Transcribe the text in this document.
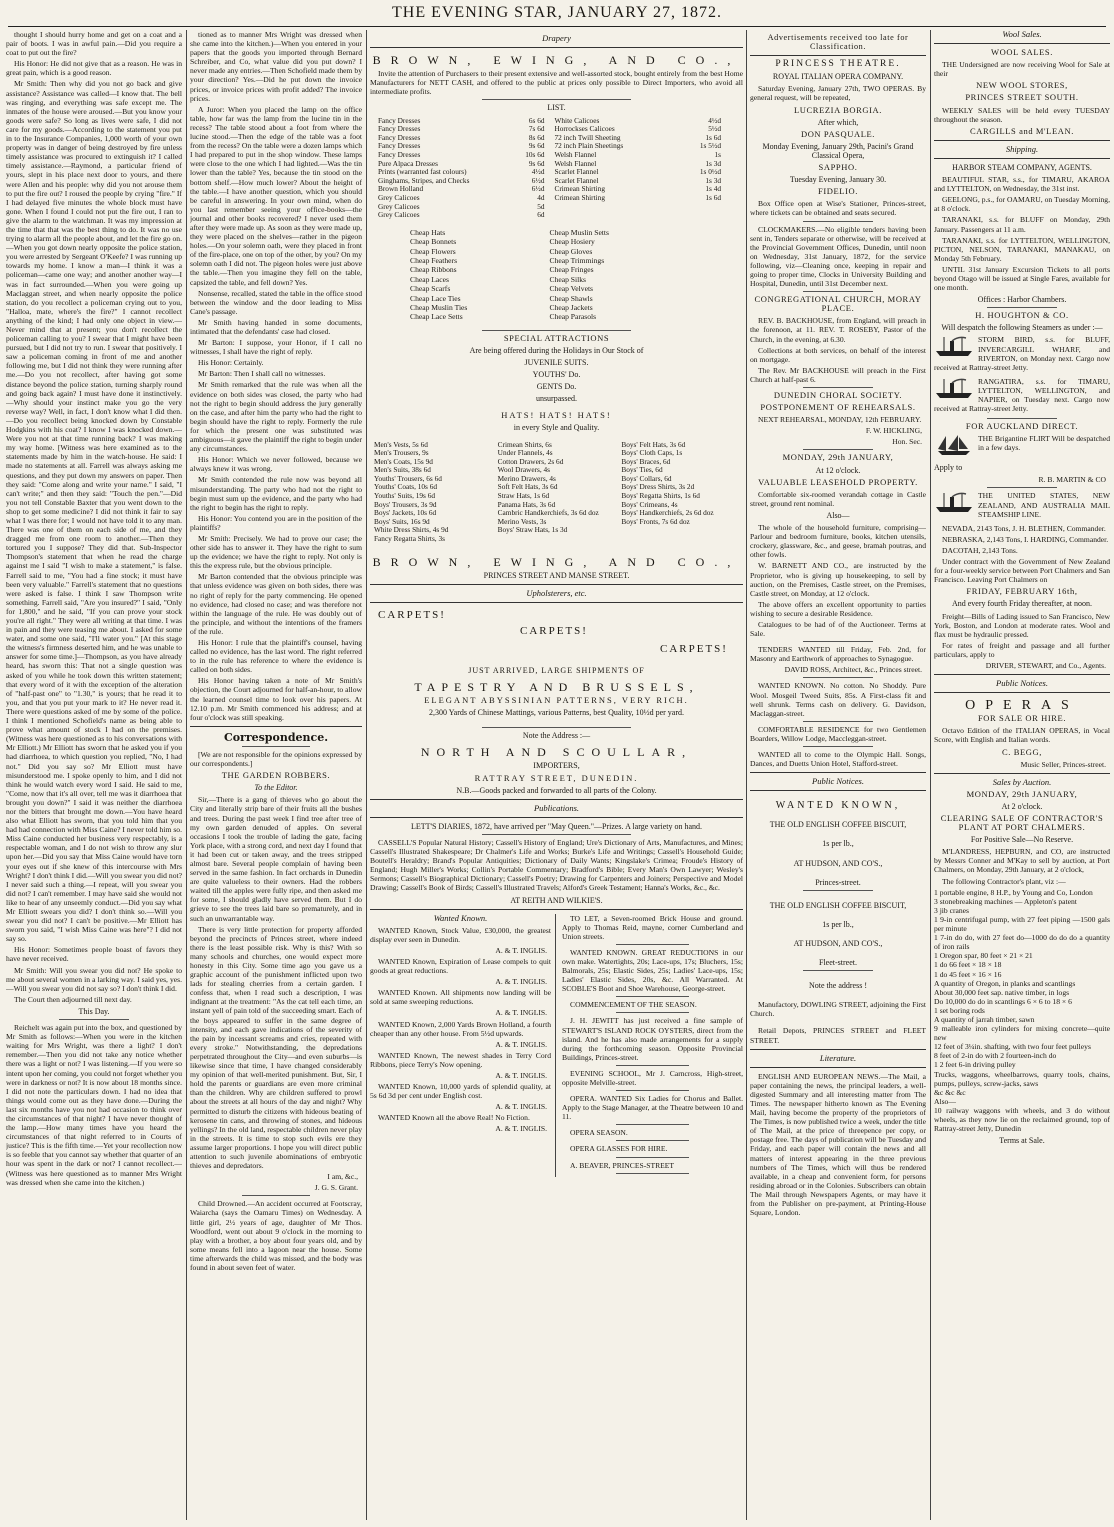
THE EVENING STAR, JANUARY 27, 1872.

thought I should hurry home and get on a coat and a pair of boots. I was in awful pain.—Did you require a coat to put out the fire?

His Honor: He did not give that as a reason. He was in great pain, which is a good reason.

Mr Smith: Then why did you not go back and give assistance? Assistance was called—I know that. The bell was ringing, and everything was safe except me. The inmates of the house were aroused.—But you know your goods were safe? So long as lives were safe, I did not care for my goods.—According to the statement you put in to the Insurance Companies, 1,000 worth of your own property was in danger of being destroyed by fire unless timely assistance was procured to extinguish it? I called timely assistance.—Raymond, a particular friend of yours, slept in his place next door to yours, and there were Allen and his people: why did you not arouse them to put the fire out? I roused the people by crying "fire." If I had delayed five minutes the whole block must have gone. When I found I could not put the fire out, I ran to give the alarm to the watchman. It was my impression at the time that that was the best thing to do. It was no use trying to alarm all the people about, and let the fire go on.—When you got down nearly opposite the police station, you were arrested by Sergeant O'Keefe? I was running up towards my home. I know a man—I think it was a policeman—came one way; and another another way—I was in fact surrounded.—When you were going up Maclaggan street, and when nearly opposite the police station, do you recollect a policeman crying out to you, "Halloa, mate, where's the fire?" I cannot recollect anything of the kind; I had only one object in view.—Never mind that at present; you don't recollect the policeman calling to you? I swear that I might have been pursued, but I did not try to run. I swear that positively. I saw a policeman coming in front of me and another following me, but I did not think they were running after me.—Do you not recollect, after having got some distance beyond the police station, turning sharply round and going back again? I must have done it instinctively.—Why should your instinct make you go the very reverse way? Well, in fact, I don't know what I did then.—Do you recollect being knocked down by Constable Hodgkins with his coat? I know I was knocked down.—Were you not at that time running back? I was making my way home. [Witness was here examined as to the statements made by him in the watch-house. He said: I made no statements at all. Farrell was always asking me questions, and they put down my answers on paper. Then they said: "Come along and write your name." I said, "I can't write;" and then they said: "Touch the pen."—Did you not tell Constable Baxter that you went down to the shop to get some medicine? I did not think it fair to say what I was there for; I would not have told it to any man. There was one of them on each side of me, and they dragged me from one room to another.—Then they tortured you I suppose? They did that. Sub-Inspector Thompson's statement that when he read the charge against me I said "I wish to make a statement," is false. Farrell said to me, "You had a fine stock; it must have been very valuable." Farrell's statement that no questions were asked is false. I think I saw Thompson write something. Farrell said, "Are you insured?" I said, "Only for 1,800," and he said, "If you can prove your stock you're all right." They were all writing at that time. I was in pain and they were teasing me about. I asked for some water, and some one said, "I'll water you." [At this stage the witness's firmness deserted him, and he was unable to answer for some time.]—Thompson, as you have already heard, has sworn this: That not a single question was asked of you while he took down this written statement; that every word of it with the exception of the alteration of "half-past one" to "1.30," is yours; that he read it to you, and that you put your mark to it? He never read it. There were questions asked of me by some of the police. I think I mentioned Schofield's name as being able to prove what amount of stock I had on the premises. (Witness was here questioned as to his conversations with Mr Elliott.) Mr Elliott has sworn that he asked you if you had diarrhoea, to which question you replied, "No, I had not." Did you say so? Mr Elliott must have misunderstood me. I spoke openly to him, and I did not think he would watch every word I said. He said to me, "Come, now that it's all over, tell me was it diarrhoea that brought you down?" I said it was neither the diarrhoea nor the bitters that brought me down.—You have heard also what Elliott has sworn, that you told him that you had had connection with Miss Caine? I never told him so. Miss Caine conducted her business very respectably, is a respectable woman, and I do not wish to throw any slur upon her.—Did you say that Miss Caine would have torn your eyes out if she knew of this intercourse with Mrs Wright? I don't think I did.—Will you swear you did not? I never said such a thing.—I repeat, will you swear you did not? I can't remember. I may have said she would not like to hear of any unseemly conduct.—Did you say what Mr Elliott swears you did? I don't think so.—Will you swear you did not? I can't be positive.—Mr Elliott has sworn you said, "I wish Miss Caine was here"? I did not say so.

His Honor: Sometimes people boast of favors they have never received.

Mr Smith: Will you swear you did not? He spoke to me about several women in a larking way. I said yes, yes.—Will you swear you did not say so? I don't think I did.

The Court then adjourned till next day.

This Day.

Reichelt was again put into the box, and questioned by Mr Smith as follows:—When you were in the kitchen waiting for Mrs Wright, was there a light? I don't remember.—Then you did not take any notice whether there was a light or not? I was listening.—If you were so intent upon her coming, you could not forget whether you were in darkness or not? It is now about 18 months since. I did not note the particulars down. I had no idea that things would come out as they have done.—During the last six months have you not had occasion to think over the circumstances of that night? I have never thought of the lamp.—How many times have you heard the circumstances of that night referred to in Courts of justice? This is the fifth time.—Yet your recollection now is so feeble that you cannot say whether that quarter of an hour was spent in the dark or not? I cannot recollect.—(Witness was here questioned as to manner Mrs Wright was dressed when she came into the kitchen.)

tioned as to manner Mrs Wright was dressed when she came into the kitchen.)—When you entered in your papers that the goods you imported through Bernard Schreiber, and Co, what value did you put down? I never made any entries.—Then Schofield made them by your direction? Yes.—Did he put down the invoice prices, or invoice prices with profit added? The invoice prices.

A Juror: When you placed the lamp on the office table, how far was the lamp from the lucine tin in the recess? The table stood about a foot from where the lucine stood.—Then the edge of the table was a foot from the recess? On the table were a dozen lamps which I had prepared to put in the shop window. These lamps were close to the one which I had lighted.—Was the tin lower than the table? Yes, because the tin stood on the bottom shelf.—How much lower? About the height of the table.—I have another question, which you should be careful in answering. In your own mind, when do you last remember seeing your office-books—the journal and other books recovered? I never used them after they were made up. As soon as they were made up, they were placed on the shelves—rather in the pigeon holes.—On your solemn oath, were they placed in front of the fire-place, one on top of the other, by you? On my solemn oath I did not. The pigeon holes were just above the table.—Then you imagine they fell on the table, capsized the table, and fell down? Yes.

Nonsense, recalled, stated the table in the office stood between the window and the door leading to Miss Cane's passage.

Mr Smith having handed in some documents, intimated that the defendants' case had closed.

Mr Barton: I suppose, your Honor, if I call no witnesses, I shall have the right of reply.

His Honor: Certainly.

Mr Barton: Then I shall call no witnesses.

Mr Smith remarked that the rule was when all the evidence on both sides was closed, the party who had not the right to begin should address the jury generally on the case, and after him the party who had the right to begin should have the right to reply. Formerly the rule for which the present one was substituted was ambiguous—it gave the plaintiff the right to begin under any circumstances.

His Honor: Which we never followed, because we always knew it was wrong.

Mr Smith contended the rule now was beyond all misunderstanding. The party who had not the right to begin must sum up the evidence, and the party who had the right to begin has the right to reply.

His Honor: You contend you are in the position of the plaintiffs?

Mr Smith: Precisely. We had to prove our case; the other side has to answer it. They have the right to sum up the evidence; we have the right to reply. Not only is this the express rule, but the obvious principle.

Mr Barton contended that the obvious principle was that unless evidence was given on both sides, there was no right of reply for the party commencing. He opened no evidence, had closed no case; and was therefore not within the language of the rule. He was doubly out of the principle, and without the intentions of the framers of the rule.

His Honor: I rule that the plaintiff's counsel, having called no evidence, has the last word. The right referred to in the rule has reference to where the evidence is called on both sides.

His Honor having taken a note of Mr Smith's objection, the Court adjourned for half-an-hour, to allow the learned counsel time to look over his papers. At 12.10 p.m. Mr Smith commenced his address; and at four o'clock was still speaking.

Correspondence.

[We are not responsible for the opinions expressed by our correspondents.]

THE GARDEN ROBBERS.
To the Editor.

Sir,—There is a gang of thieves who go about the City and literally strip bare of their fruits all the bushes and trees. During the past week I find tree after tree of my own garden denuded of apples. On several occasions I took the trouble of lading the gate, facing York place, with a strong cord, and next day I found that it had been cut or taken away, and the trees stripped almost bare. Several people complain of having been served in the same fashion. In fact orchards in Dunedin are quite valueless to their owners. Had the robbers waited till the apples were fully ripe, and then asked me for some, I should gladly have served them. But I do grieve to see the trees laid bare so prematurely, and in such an unwarrantable way.

There is very little protection for property afforded beyond the precincts of Princes street, where indeed there is the least possible risk. Why is this? With so many schools and churches, one would expect more honesty in this City. Some time ago you gave us a graphic account of the punishment inflicted upon two lads for stealing cherries from a certain garden. I confess that, when I read such a description, I was indignant at the treatment: "As the cat tell each time, an instant yell of pain told of the succeeding smart. Each of the boys appeared to suffer in the same degree of intensity, and each gave indications of the severity of the pain by incessant screams and cries, repeated with every stroke." Notwithstanding, the depredations perpetrated throughout the City—and even suburbs—is likewise since that time, I have changed considerably my opinion of that well-merited punishment. But, Sir, I hold the parents or guardians are even more criminal than the children. Why are children suffered to prowl about the streets at all hours of the day and night? Why permitted to disturb the citizens with hideous beating of kerosene tin cans, and throwing of stones, and hideous yellings? In the old land, respectable children never play in the streets. It is time to stop such evils ere they assume larger proportions. I hope you will direct public attention to such juvenile abominations of embryotic thieves and depredators.

I am, &c.,
J. G. S. Grant.

Child Drowned.—An accident occurred at Footscray, Waiarcha (says the Oamaru Times) on Wednesday. A little girl, 2½ years of age, daughter of Mr Thos. Woodford, went out about 9 o'clock in the morning to play with a brother, a boy about four years old, and by some means fell into a lagoon near the house. Some time afterwards the child was missed, and the body was found in about seven feet of water.

Drapery
BROWN, EWING, AND CO.,

Invite the attention of Purchasers to their present extensive and well-assorted stock, bought entirely from the best Home Manufacturers for NETT CASH, and offered to the public at prices only possible to Direct Importers, who avoid all intermediate profits.

LIST.
Fancy Dresses	6s 6d
Fancy Dresses	7s 6d
Fancy Dresses	8s 6d
Fancy Dresses	9s 6d
Fancy Dresses	10s 6d
Pure Alpaca Dresses	9s 6d
Prints (warranted fast colours)	4½d
Ginghams, Stripes, and Checks	6½d
Brown Holland	6½d
Grey Calicoes	4d
Grey Calicoes	5d
Grey Calicoes	6d
White Calicoes	4½d
Horrockses Calicoes	5½d
72 inch Twill Sheeting	1s 6d
72 inch Plain Sheetings	1s 5½d
Welsh Flannel	1s
Welsh Flannel	1s 3d
Scarlet Flannel	1s 0½d
Scarlet Flannel	1s 3d

Crimean Shirting	1s 4d
Crimean Shirting	1s 6d

Cheap Hats
Cheap Bonnets
Cheap Flowers
Cheap Feathers
Cheap Ribbons
Cheap Laces
Cheap Scarfs
Cheap Lace Ties
Cheap Muslin Ties
Cheap Lace Setts
Cheap Muslin Setts
Cheap Hosiery
Cheap Gloves
Cheap Trimmings
Cheap Fringes
Cheap Silks
Cheap Velvets
Cheap Shawls
Cheap Jackets
Cheap Parasols
SPECIAL ATTRACTIONS
Are being offered during the Holidays in Our Stock of
JUVENILE SUITS.
YOUTHS' Do.
GENTS Do.
unsurpassed.
HATS! HATS! HATS!
in every Style and Quality.
Men's Vests, 5s 6d
Men's Trousers, 9s
Men's Coats, 15s 9d
Men's Suits, 38s 6d
Youths' Trousers, 6s 6d
Youths' Coats, 10s 6d
Youths' Suits, 19s 6d
Boys' Trousers, 3s 9d
Boys' Jackets, 10s 6d
Boys' Suits, 16s 9d
White Dress Shirts, 4s 9d
Fancy Regatta Shirts, 3s
Crimean Shirts, 6s
Under Flannels, 4s
Cotton Drawers, 2s 6d
Wool Drawers, 4s
Merino Drawers, 4s
Soft Felt Hats, 3s 6d
Straw Hats, 1s 6d
Panama Hats, 3s 6d
Cambric Handkerchiefs, 3s 6d doz
Merino Vests, 3s
Boys' Straw Hats, 1s 3d
Boys' Felt Hats, 3s 6d
Boys' Cloth Caps, 1s
Boys' Braces, 6d
Boys' Ties, 6d
Boys' Collars, 6d
Boys' Dress Shirts, 3s 2d
Boys' Regatta Shirts, 1s 6d
Boys' Crimeans, 4s
Boys' Handkerchiefs, 2s 6d doz
Boys' Fronts, 7s 6d doz
BROWN, EWING, AND CO.,
PRINCES STREET AND MANSE STREET.
Upholsterers, etc.
CARPETS!
CARPETS!
CARPETS!
JUST ARRIVED, LARGE SHIPMENTS OF
TAPESTRY AND BRUSSELS,
ELEGANT ABYSSINIAN PATTERNS, VERY RICH.
2,300 Yards of Chinese Mattings, various Patterns, best Quality, 10½d per yard.
Note the Address :—
NORTH AND SCOULLAR,
IMPORTERS,
RATTRAY STREET, DUNEDIN.
N.B.—Goods packed and forwarded to all parts of the Colony.
Publications.
LETT'S DIARIES, 1872, have arrived per "May Queen."—Prizes. A large variety on hand.

CASSELL'S Popular Natural History; Cassell's History of England; Ure's Dictionary of Arts, Manufactures, and Mines; Cassell's Illustrated Shakespeare; Dr Chalmer's Life and Works; Burke's Life and Writings; Cassell's Household Guide; Boutell's Heraldry; Brand's Popular Antiquities; Dictionary of Daily Wants; Kingslake's Crimea; Froude's History of England; Hugh Miller's Works; Collin's Portable Commentary; Bradford's Bible; Every Man's Own Lawyer; Wesley's Sermons; Cassell's Biographical Dictionary; Cassell's Poetry; Drawing for Carpenters and Joiners; Perspective and Model Drawing; Cassell's Book of Birds; Cassell's Illustrated Travels; Alford's Greek Testament; Hanna's Works, &c., &c.

AT REITH AND WILKIE'S.
Wanted Known.

WANTED Known, Stock Value, £30,000, the greatest display ever seen in Dunedin.

A. & T. INGLIS.

WANTED Known, Expiration of Lease compels to quit goods at great reductions.

A. & T. INGLIS.

WANTED Known. All shipments now landing will be sold at same sweeping reductions.

A. & T. INGLIS.

WANTED Known, 2,000 Yards Brown Holland, a fourth cheaper than any other house. From 5½d upwards.

A. & T. INGLIS.

WANTED Known, The newest shades in Terry Cord Ribbons, piece Terry's Now opening.

A. & T. INGLIS.

WANTED Known, 10,000 yards of splendid quality, at 5s 6d 3d per cent under English cost.

A. & T. INGLIS.

WANTED Known all the above Real! No Fiction.

A. & T. INGLIS.

TO LET, a Seven-roomed Brick House and ground. Apply to Thomas Reid, mayne, corner Cumberland and Union streets.

WANTED KNOWN. GREAT REDUCTIONS in our own make. Watertights, 20s; Lace-ups, 17s; Bluchers, 15s; Balmorals, 25s; Elastic Sides, 25s; Ladies' Lace-ups, 15s; Ladies' Elastic Sides, 20s, &c. All Warranted. At SCOBLE'S Boot and Shoe Warehouse, George-street.

COMMENCEMENT OF THE SEASON.

J. H. JEWITT has just received a fine sample of STEWART'S ISLAND ROCK OYSTERS, direct from the island. And he has also made arrangements for a supply during the forthcoming season. Opposite Provincial Buildings, Princes-street.

EVENING SCHOOL, Mr J. Carncross, High-street, opposite Melville-street.

OPERA. WANTED Six Ladies for Chorus and Ballet. Apply to the Stage Manager, at the Theatre between 10 and 11.

OPERA SEASON.

OPERA GLASSES FOR HIRE.

A. BEAVER, PRINCES-STREET

Advertisements received too late for Classification.
PRINCESS THEATRE.
ROYAL ITALIAN OPERA COMPANY.

Saturday Evening, January 27th, TWO OPERAS. By general request, will be repeated,

LUCREZIA BORGIA.
After which,
DON PASQUALE.
Monday Evening, January 29th, Pacini's Grand Classical Opera,
SAPPHO.
Tuesday Evening, January 30.
FIDELIO.

Box Office open at Wise's Stationer, Princes-street, where tickets can be obtained and seats secured.

CLOCKMAKERS.—No eligible tenders having been sent in, Tenders separate or otherwise, will be received at the Provincial Government Offices, Dunedin, until noon on Wednesday, 31st January, 1872, for the service following, viz—Cleaning once, keeping in repair and going to proper time, Clocks in University Building and Hospital, Dunedin, until 31st December next.

CONGREGATIONAL CHURCH, MORAY PLACE.

REV. B. BACKHOUSE, from England, will preach in the forenoon, at 11. REV. T. ROSEBY, Pastor of the Church, in the evening, at 6.30.

Collections at both services, on behalf of the interest on mortgage.

The Rev. Mr BACKHOUSE will preach in the First Church at half-past 6.

DUNEDIN CHORAL SOCIETY.
POSTPONEMENT OF REHEARSALS.

NEXT REHEARSAL, MONDAY, 12th FEBRUARY.

F. W. HICKLING,
Hon. Sec.
MONDAY, 29th JANUARY,
At 12 o'clock.
VALUABLE LEASEHOLD PROPERTY.

Comfortable six-roomed verandah cottage in Castle street, ground rent nominal.

Also—

The whole of the household furniture, comprising—Parlour and bedroom furniture, books, kitchen utensils, crockery, glassware, &c., and geese, bramah poutras, and other fowls.

W. BARNETT AND CO., are instructed by the Proprietor, who is giving up housekeeping, to sell by auction, on the Premises, Castle street, on the Premises, Castle street, on Monday, at 12 o'clock.

The above offers an excellent opportunity to parties wishing to secure a desirable Residence.

Catalogues to be had of of the Auctioneer. Terms at Sale.

TENDERS WANTED till Friday, Feb. 2nd, for Masonry and Earthwork of approaches to Synagogue.

DAVID ROSS, Architect, &c., Princes street.

WANTED KNOWN. No cotton. No Shoddy. Pure Wool. Mosgeil Tweed Suits, 85s. A First-class fit and well shrunk. Terms cash on delivery. G. Davidson, Maclaggan-street.

COMFORTABLE RESIDENCE for two Gentlemen Boarders, Willow Lodge, Maccleggan-street.

WANTED all to come to the Olympic Hall. Songs, Dances, and Duetts Union Hotel, Stafford-street.

Public Notices.
WANTED KNOWN,
THE OLD ENGLISH COFFEE BISCUIT,
1s per lb.,
AT HUDSON, AND CO'S.,
Princes-street.
THE OLD ENGLISH COFFEE BISCUIT,
1s per lb.,
AT HUDSON, AND CO'S.,
Fleet-street.
Note the address !

Manufactory, DOWLING STREET, adjoining the First Church.

Retail Depots, PRINCES STREET and FLEET STREET.

Literature.

ENGLISH AND EUROPEAN NEWS.—The Mail, a paper containing the news, the principal leaders, a well-digested Summary and all interesting matter from The Times. The newspaper hitherto known as The Evening Mail, having become the property of the proprietors of The Times, is now published twice a week, under the title of The Mail, at the price of threepence per copy, or postage free. The days of publication will be Tuesday and Friday, and each paper will contain the news and all matters of interest appearing in the three previous numbers of The Times, which will thus be rendered available, in a cheap and convenient form, for persons residing abroad or in the Colonies. Subscribers can obtain The Mail through Newspapers Agents, or may have it from the Publisher on pre-payment, at Printing-House Square, London.

Wool Sales.
WOOL SALES.

THE Undersigned are now receiving Wool for Sale at their

NEW WOOL STORES,
PRINCES STREET SOUTH.

WEEKLY SALES will be held every TUESDAY throughout the season.

CARGILLS and M'LEAN.
Shipping.
HARBOR STEAM COMPANY, AGENTS.

BEAUTIFUL STAR, s.s., for TIMARU, AKAROA and LYTTELTON, on Wednesday, the 31st inst.

GEELONG, p.s., for OAMARU, on Tuesday Morning, at 8 o'clock.

TARANAKI, s.s. for BLUFF on Monday, 29th January. Passengers at 11 a.m.

TARANAKI, s.s. for LYTTELTON, WELLINGTON, PICTON, NELSON, TARANAKI, MANAKAU, on Monday 5th February.

UNTIL 31st January Excursion Tickets to all ports beyond Otago will be issued at Single Fares, available for one month.

Offices : Harbor Chambers.
H. HOUGHTON & CO.
Will despatch the following Steamers as under :—
STORM BIRD, s.s. for BLUFF, INVERCARGILL WHARF, and RIVERTON, on Monday next. Cargo now received at Rattray-street Jetty.
RANGATIRA, s.s. for TIMARU, LYTTELTON, WELLINGTON, and NAPIER, on Tuesday next. Cargo now received at Rattray-street Jetty.
FOR AUCKLAND DIRECT.
THE Brigantine FLIRT Will be despatched in a few days.
Apply to
R. B. MARTIN & CO
THE UNITED STATES, NEW ZEALAND, AND AUSTRALIA MAIL STEAMSHIP LINE.

NEVADA, 2143 Tons, J. H. BLETHEN, Commander.

NEBRASKA, 2,143 Tons, I. HARDING, Commander.

DACOTAH, 2,143 Tons.

Under contract with the Government of New Zealand for a four-weekly service between Port Chalmers and San Francisco. Leaving Port Chalmers on

FRIDAY, FEBRUARY 16th,
And every fourth Friday thereafter, at noon.

Freight—Bills of Lading issued to San Francisco, New York, Boston, and London at moderate rates. Wool and flax must be hydraulic pressed.

For rates of freight and passage and all further particulars, apply to

DRIVER, STEWART, and Co., Agents.
Public Notices.
OPERAS
FOR SALE OR HIRE.

Octavo Edition of the ITALIAN OPERAS, in Vocal Score, with English and Italian words.

C. BEGG,
Music Seller, Princes-street.
Sales by Auction.
MONDAY, 29th JANUARY,
At 2 o'clock.
CLEARING SALE OF CONTRACTOR'S PLANT AT PORT CHALMERS.
For Positive Sale—No Reserve.

M'LANDRESS, HEPBURN, and CO, are instructed by Messrs Conner and M'Kay to sell by auction, at Port Chalmers, on Monday, 29th January, at 2 o'clock,

The following Contractor's plant, viz :—

1 portable engine, 8 H.P., by Young and Co, London
3 stonebreaking machines — Appleton's patent
3 jib cranes
1 9-in centrifugal pump, with 27 feet piping —1500 gals per minute
1 7-in do do, with 27 feet do—1000 do do do a quantity of iron rails
1 Oregon spar, 80 feet × 21 × 21
1 do 66 feet × 18 × 18
1 do 45 feet × 16 × 16
A quantity of Oregon, in planks and scantlings
About 30,000 feet sap. native timber, in logs
Do 10,000 do do in scantlings 6 × 6 to 18 × 6
1 set boring rods
A quantity of jarrah timber, sawn
9 malleable iron cylinders for mixing concrete—quite new
12 feet of 3¼in. shafting, with two four feet pulleys
8 feet of 2-in do with 2 fourteen-inch do
1 2 feet 6-in driving pulley
Trucks, waggons, wheelbarrows, quarry tools, chains, pumps, pulleys, screw-jacks, saws
&c &c &c
Also—
10 railway waggons with wheels, and 3 do without wheels, as they now lie on the reclaimed ground, top of Rattray-street Jetty, Dunedin
Terms at Sale.
